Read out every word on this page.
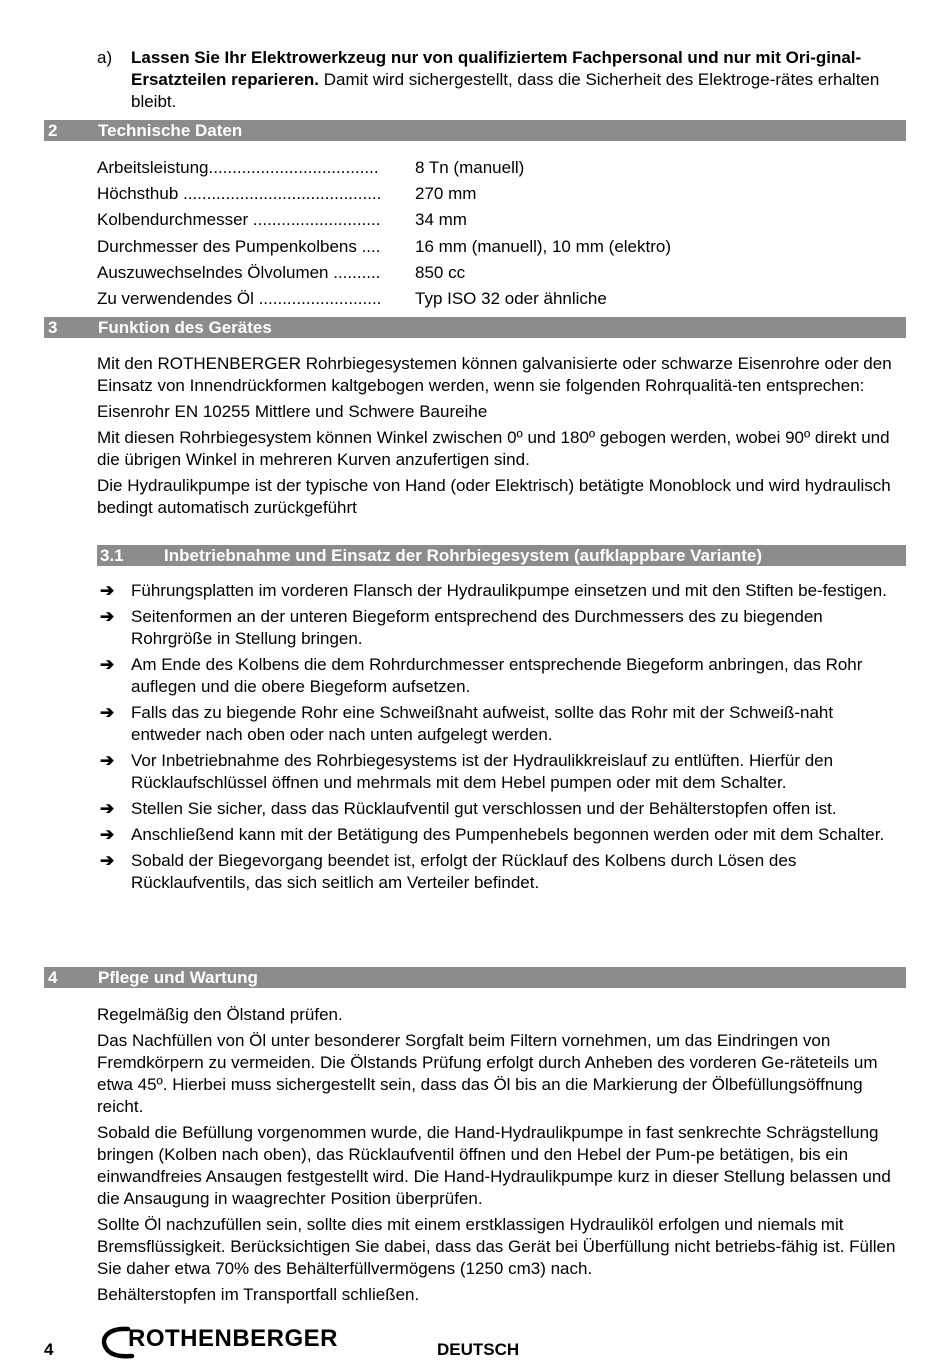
a) Lassen Sie Ihr Elektrowerkzeug nur von qualifiziertem Fachpersonal und nur mit Ori-ginal-Ersatzteilen reparieren. Damit wird sichergestellt, dass die Sicherheit des Elektroge-rätes erhalten bleibt.
2 Technische Daten
Arbeitsleistung.................................... 8 Tn (manuell)
Höchsthub .......................................... 270 mm
Kolbendurchmesser ........................... 34 mm
Durchmesser des Pumpenkolbens .... 16 mm (manuell), 10 mm (elektro)
Auszuwechselndes Ölvolumen .......... 850 cc
Zu verwendendes Öl .......................... Typ ISO 32 oder ähnliche
3 Funktion des Gerätes

Mit den ROTHENBERGER Rohrbiegesystemen können galvanisierte oder schwarze Eisenrohre oder den Einsatz von Innendrückformen kaltgebogen werden, wenn sie folgenden Rohrqualitä-ten entsprechen:

Eisenrohr EN 10255 Mittlere und Schwere Baureihe

Mit diesen Rohrbiegesystem können Winkel zwischen 0º und 180º gebogen werden, wobei 90º direkt und die übrigen Winkel in mehreren Kurven anzufertigen sind.

Die Hydraulikpumpe ist der typische von Hand (oder Elektrisch) betätigte Monoblock und wird hydraulisch bedingt automatisch zurückgeführt

3.1 Inbetriebnahme und Einsatz der Rohrbiegesystem (aufklappbare Variante)
➔ Führungsplatten im vorderen Flansch der Hydraulikpumpe einsetzen und mit den Stiften be-festigen.
➔ Seitenformen an der unteren Biegeform entsprechend des Durchmessers des zu biegenden Rohrgröße in Stellung bringen.
➔ Am Ende des Kolbens die dem Rohrdurchmesser entsprechende Biegeform anbringen, das Rohr auflegen und die obere Biegeform aufsetzen.
➔ Falls das zu biegende Rohr eine Schweißnaht aufweist, sollte das Rohr mit der Schweiß-naht entweder nach oben oder nach unten aufgelegt werden.
➔ Vor Inbetriebnahme des Rohrbiegesystems ist der Hydraulikkreislauf zu entlüften. Hierfür den Rücklaufschlüssel öffnen und mehrmals mit dem Hebel pumpen oder mit dem Schalter.
➔ Stellen Sie sicher, dass das Rücklaufventil gut verschlossen und der Behälterstopfen offen ist.
➔ Anschließend kann mit der Betätigung des Pumpenhebels begonnen werden oder mit dem Schalter.
➔ Sobald der Biegevorgang beendet ist, erfolgt der Rücklauf des Kolbens durch Lösen des Rücklaufventils, das sich seitlich am Verteiler befindet.
4 Pflege und Wartung

Regelmäßig den Ölstand prüfen.

Das Nachfüllen von Öl unter besonderer Sorgfalt beim Filtern vornehmen, um das Eindringen von Fremdkörpern zu vermeiden. Die Ölstands Prüfung erfolgt durch Anheben des vorderen Ge-räteteils um etwa 45º. Hierbei muss sichergestellt sein, dass das Öl bis an die Markierung der Ölbefüllungsöffnung reicht.

Sobald die Befüllung vorgenommen wurde, die Hand-Hydraulikpumpe in fast senkrechte Schrägstellung bringen (Kolben nach oben), das Rücklaufventil öffnen und den Hebel der Pum-pe betätigen, bis ein einwandfreies Ansaugen festgestellt wird. Die Hand-Hydraulikpumpe kurz in dieser Stellung belassen und die Ansaugung in waagrechter Position überprüfen.

Sollte Öl nachzufüllen sein, sollte dies mit einem erstklassigen Hydrauliköl erfolgen und niemals mit Bremsflüssigkeit. Berücksichtigen Sie dabei, dass das Gerät bei Überfüllung nicht betriebs-fähig ist. Füllen Sie daher etwa 70% des Behälterfüllvermögens (1250 cm3) nach.

Behälterstopfen im Transportfall schließen.

4	ROTHENBERGER	DEUTSCH
